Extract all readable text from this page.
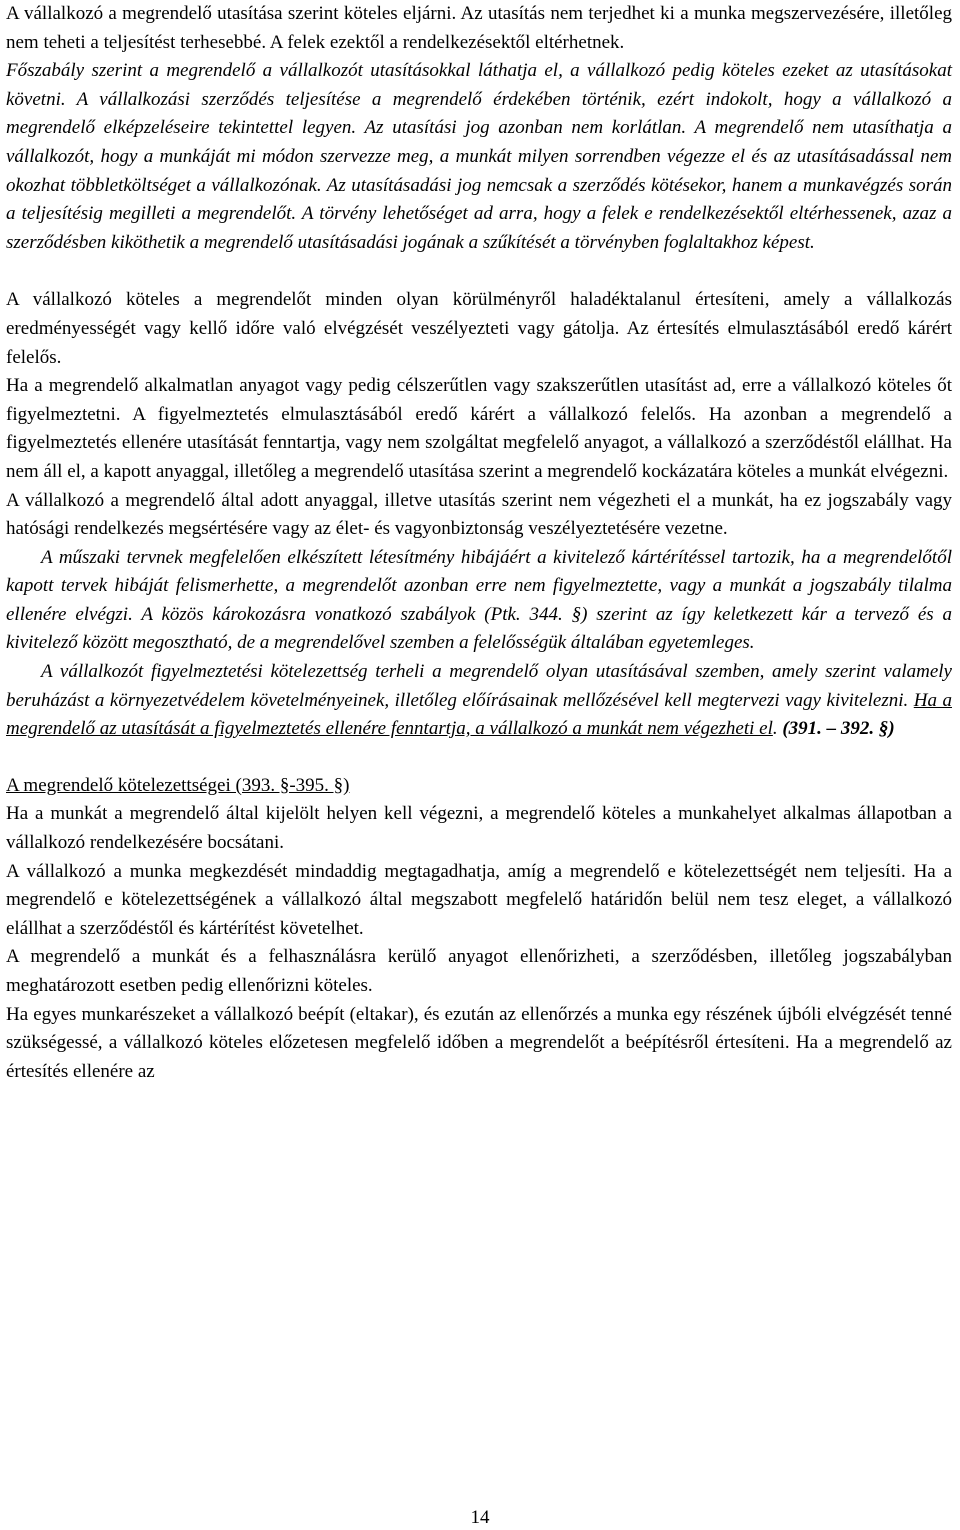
A vállalkozó a megrendelő utasítása szerint köteles eljárni. Az utasítás nem terjedhet ki a munka megszervezésére, illetőleg nem teheti a teljesítést terhesebbé. A felek ezektől a rendelkezésektől eltérhetnek.

Főszabály szerint a megrendelő a vállalkozót utasításokkal láthatja el, a vállalkozó pedig köteles ezeket az utasításokat követni. A vállalkozási szerződés teljesítése a megrendelő érdekében történik, ezért indokolt, hogy a vállalkozó a megrendelő elképzeléseire tekintettel legyen. Az utasítási jog azonban nem korlátlan. A megrendelő nem utasíthatja a vállalkozót, hogy a munkáját mi módon szervezze meg, a munkát milyen sorrendben végezze el és az utasításadással nem okozhat többletköltséget a vállalkozónak. Az utasításadási jog nemcsak a szerződés kötésekor, hanem a munkavégzés során a teljesítésig megilleti a megrendelőt. A törvény lehetőséget ad arra, hogy a felek e rendelkezésektől eltérhessenek, azaz a szerződésben kiköthetik a megrendelő utasításadási jogának a szűkítését a törvényben foglaltakhoz képest.

A vállalkozó köteles a megrendelőt minden olyan körülményről haladéktalanul értesíteni, amely a vállalkozás eredményességét vagy kellő időre való elvégzését veszélyezteti vagy gátolja. Az értesítés elmulasztásából eredő kárért felelős.

Ha a megrendelő alkalmatlan anyagot vagy pedig célszerűtlen vagy szakszerűtlen utasítást ad, erre a vállalkozó köteles őt figyelmeztetni. A figyelmeztetés elmulasztásából eredő kárért a vállalkozó felelős. Ha azonban a megrendelő a figyelmeztetés ellenére utasítását fenntartja, vagy nem szolgáltat megfelelő anyagot, a vállalkozó a szerződéstől elállhat. Ha nem áll el, a kapott anyaggal, illetőleg a megrendelő utasítása szerint a megrendelő kockázatára köteles a munkát elvégezni.

A vállalkozó a megrendelő által adott anyaggal, illetve utasítás szerint nem végezheti el a munkát, ha ez jogszabály vagy hatósági rendelkezés megsértésére vagy az élet- és vagyonbiztonság veszélyeztetésére vezetne.

A műszaki tervnek megfelelően elkészített létesítmény hibájáért a kivitelező kártérítéssel tartozik, ha a megrendelőtől kapott tervek hibáját felismerhette, a megrendelőt azonban erre nem figyelmeztette, vagy a munkát a jogszabály tilalma ellenére elvégzi. A közös károkozásra vonatkozó szabályok (Ptk. 344. §) szerint az így keletkezett kár a tervező és a kivitelező között megosztható, de a megrendelővel szemben a felelősségük általában egyetemleges.

A vállalkozót figyelmeztetési kötelezettség terheli a megrendelő olyan utasításával szemben, amely szerint valamely beruházást a környezetvédelem követelményeinek, illetőleg előírásainak mellőzésével kell megtervezi vagy kivitelezni. Ha a megrendelő az utasítását a figyelmeztetés ellenére fenntartja, a vállalkozó a munkát nem végezheti el. (391. – 392. §)

A megrendelő kötelezettségei (393. §-395. §)

Ha a munkát a megrendelő által kijelölt helyen kell végezni, a megrendelő köteles a munkahelyet alkalmas állapotban a vállalkozó rendelkezésére bocsátani.

A vállalkozó a munka megkezdését mindaddig megtagadhatja, amíg a megrendelő e kötelezettségét nem teljesíti. Ha a megrendelő e kötelezettségének a vállalkozó által megszabott megfelelő határidőn belül nem tesz eleget, a vállalkozó elállhat a szerződéstől és kártérítést követelhet.

A megrendelő a munkát és a felhasználásra kerülő anyagot ellenőrizheti, a szerződésben, illetőleg jogszabályban meghatározott esetben pedig ellenőrizni köteles.

Ha egyes munkarészeket a vállalkozó beépít (eltakar), és ezután az ellenőrzés a munka egy részének újbóli elvégzését tenné szükségessé, a vállalkozó köteles előzetesen megfelelő időben a megrendelőt a beépítésről értesíteni. Ha a megrendelő az értesítés ellenére az

14
